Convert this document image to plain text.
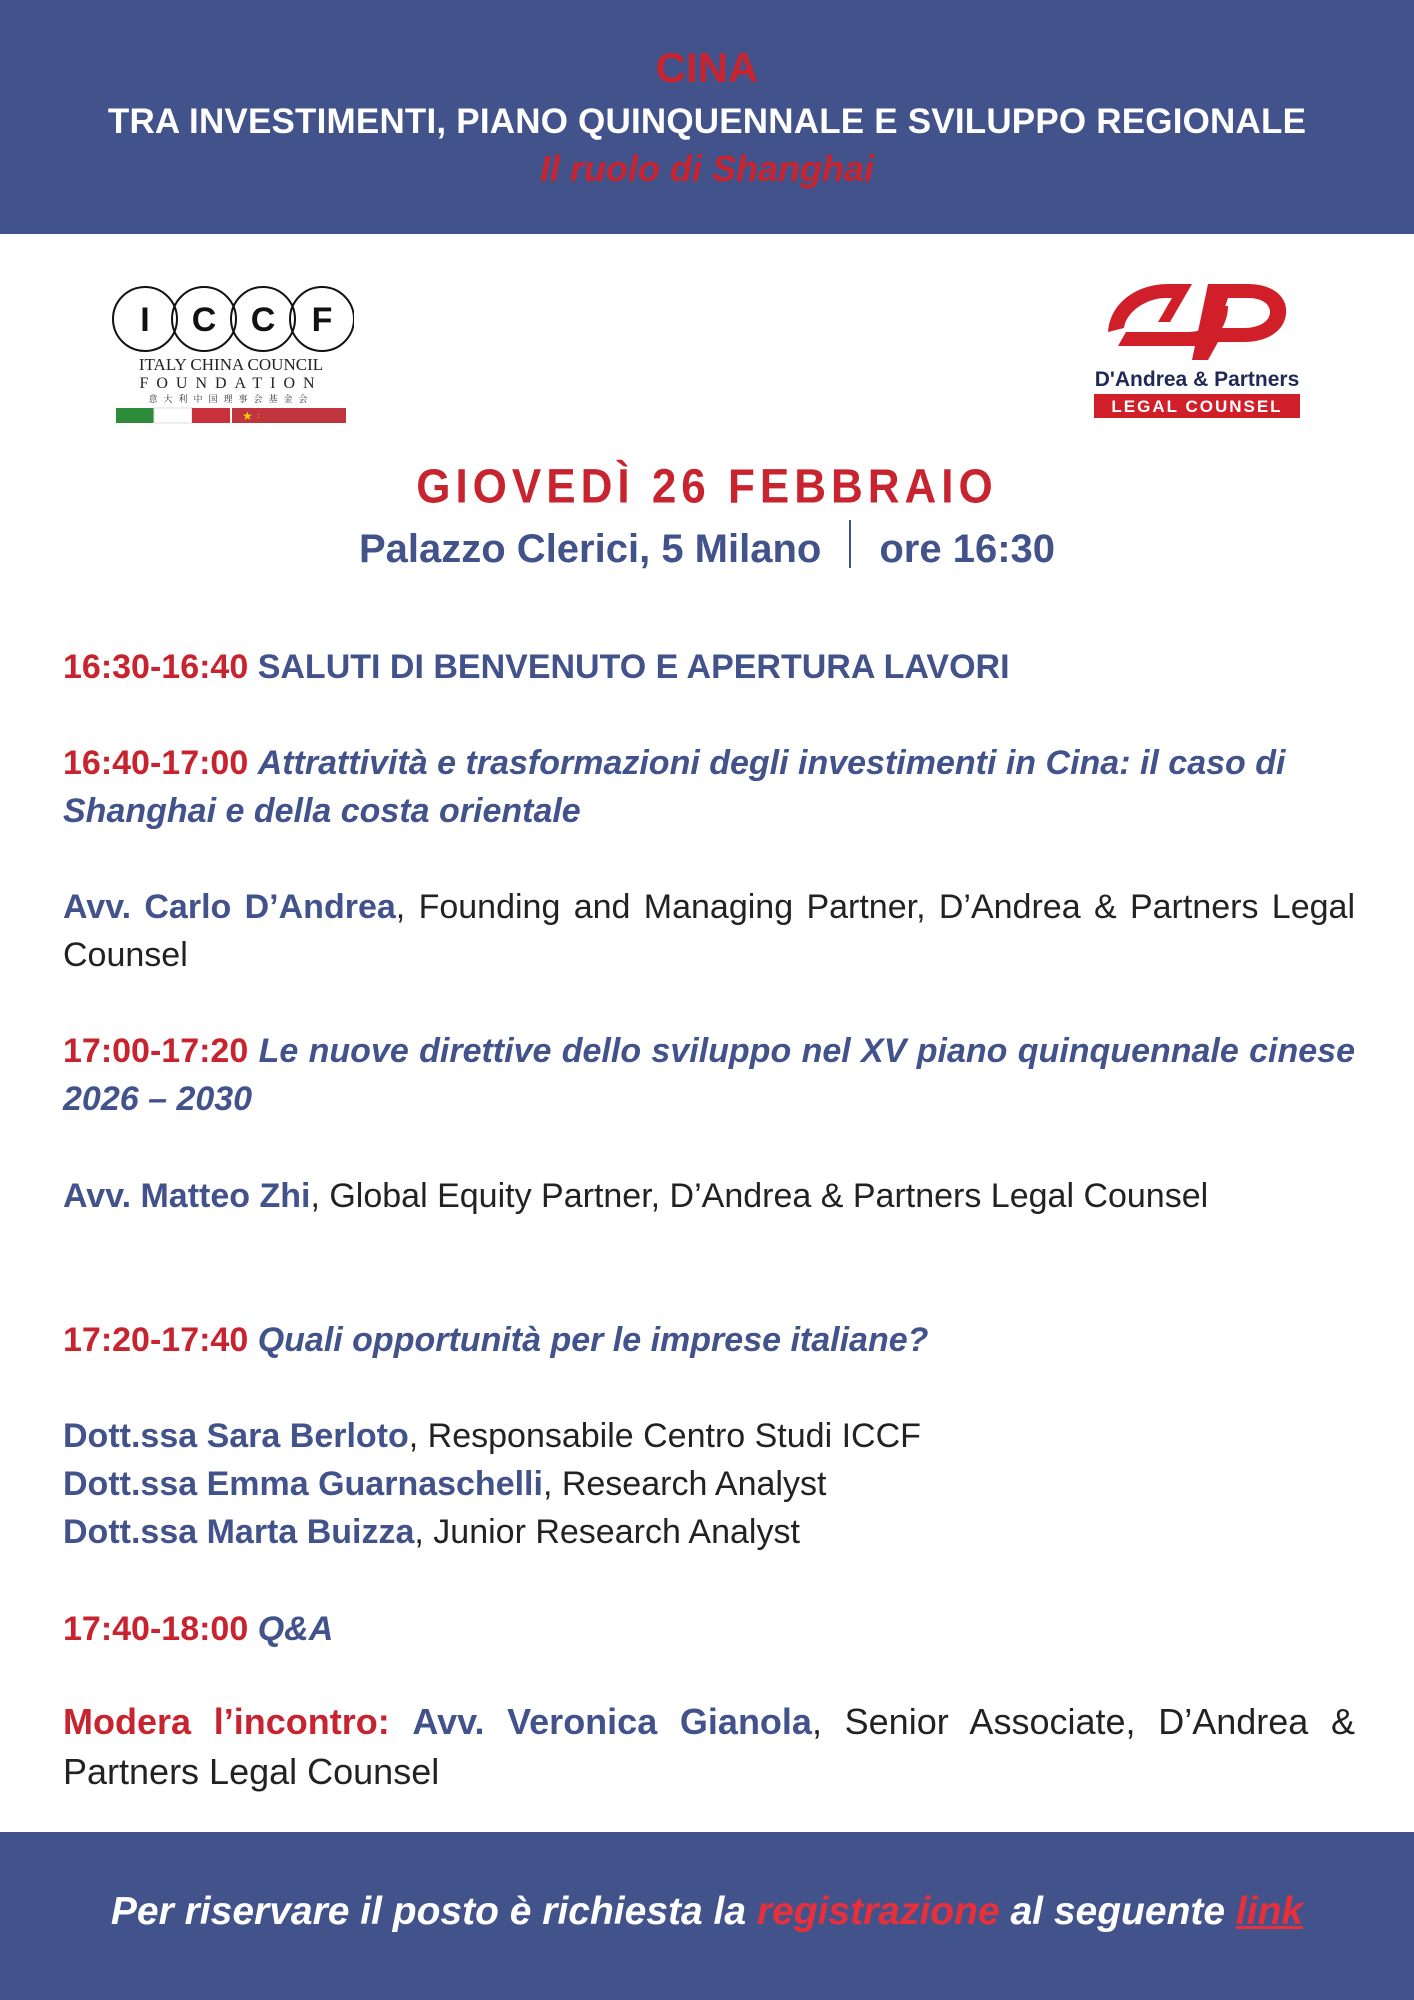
CINA
TRA INVESTIMENTI, PIANO QUINQUENNALE E SVILUPPO REGIONALE
Il ruolo di Shanghai
I C C F
ITALY CHINA COUNCIL
FOUNDATION
意大利中国理事会基金会
★ :
D'Andrea & Partners
LEGAL COUNSEL
GIOVEDÌ 26 FEBBRAIO
Palazzo Clerici, 5 Milano ore 16:30
16:30-16:40 SALUTI DI BENVENUTO E APERTURA LAVORI
16:40-17:00 Attrattività e trasformazioni degli investimenti in Cina: il caso di Shanghai e della costa orientale
Avv. Carlo D’Andrea, Founding and Managing Partner, D’Andrea & Partners Legal Counsel
17:00-17:20 Le nuove direttive dello sviluppo nel XV piano quinquennale cinese 2026 – 2030
Avv. Matteo Zhi, Global Equity Partner, D’Andrea & Partners Legal Counsel
17:20-17:40 Quali opportunità per le imprese italiane?
Dott.ssa Sara Berloto, Responsabile Centro Studi ICCF
Dott.ssa Emma Guarnaschelli, Research Analyst
Dott.ssa Marta Buizza, Junior Research Analyst
17:40-18:00 Q&A
Modera l’incontro: Avv. Veronica Gianola, Senior Associate, D’Andrea & Partners Legal Counsel
Per riservare il posto è richiesta la registrazione al seguente link
